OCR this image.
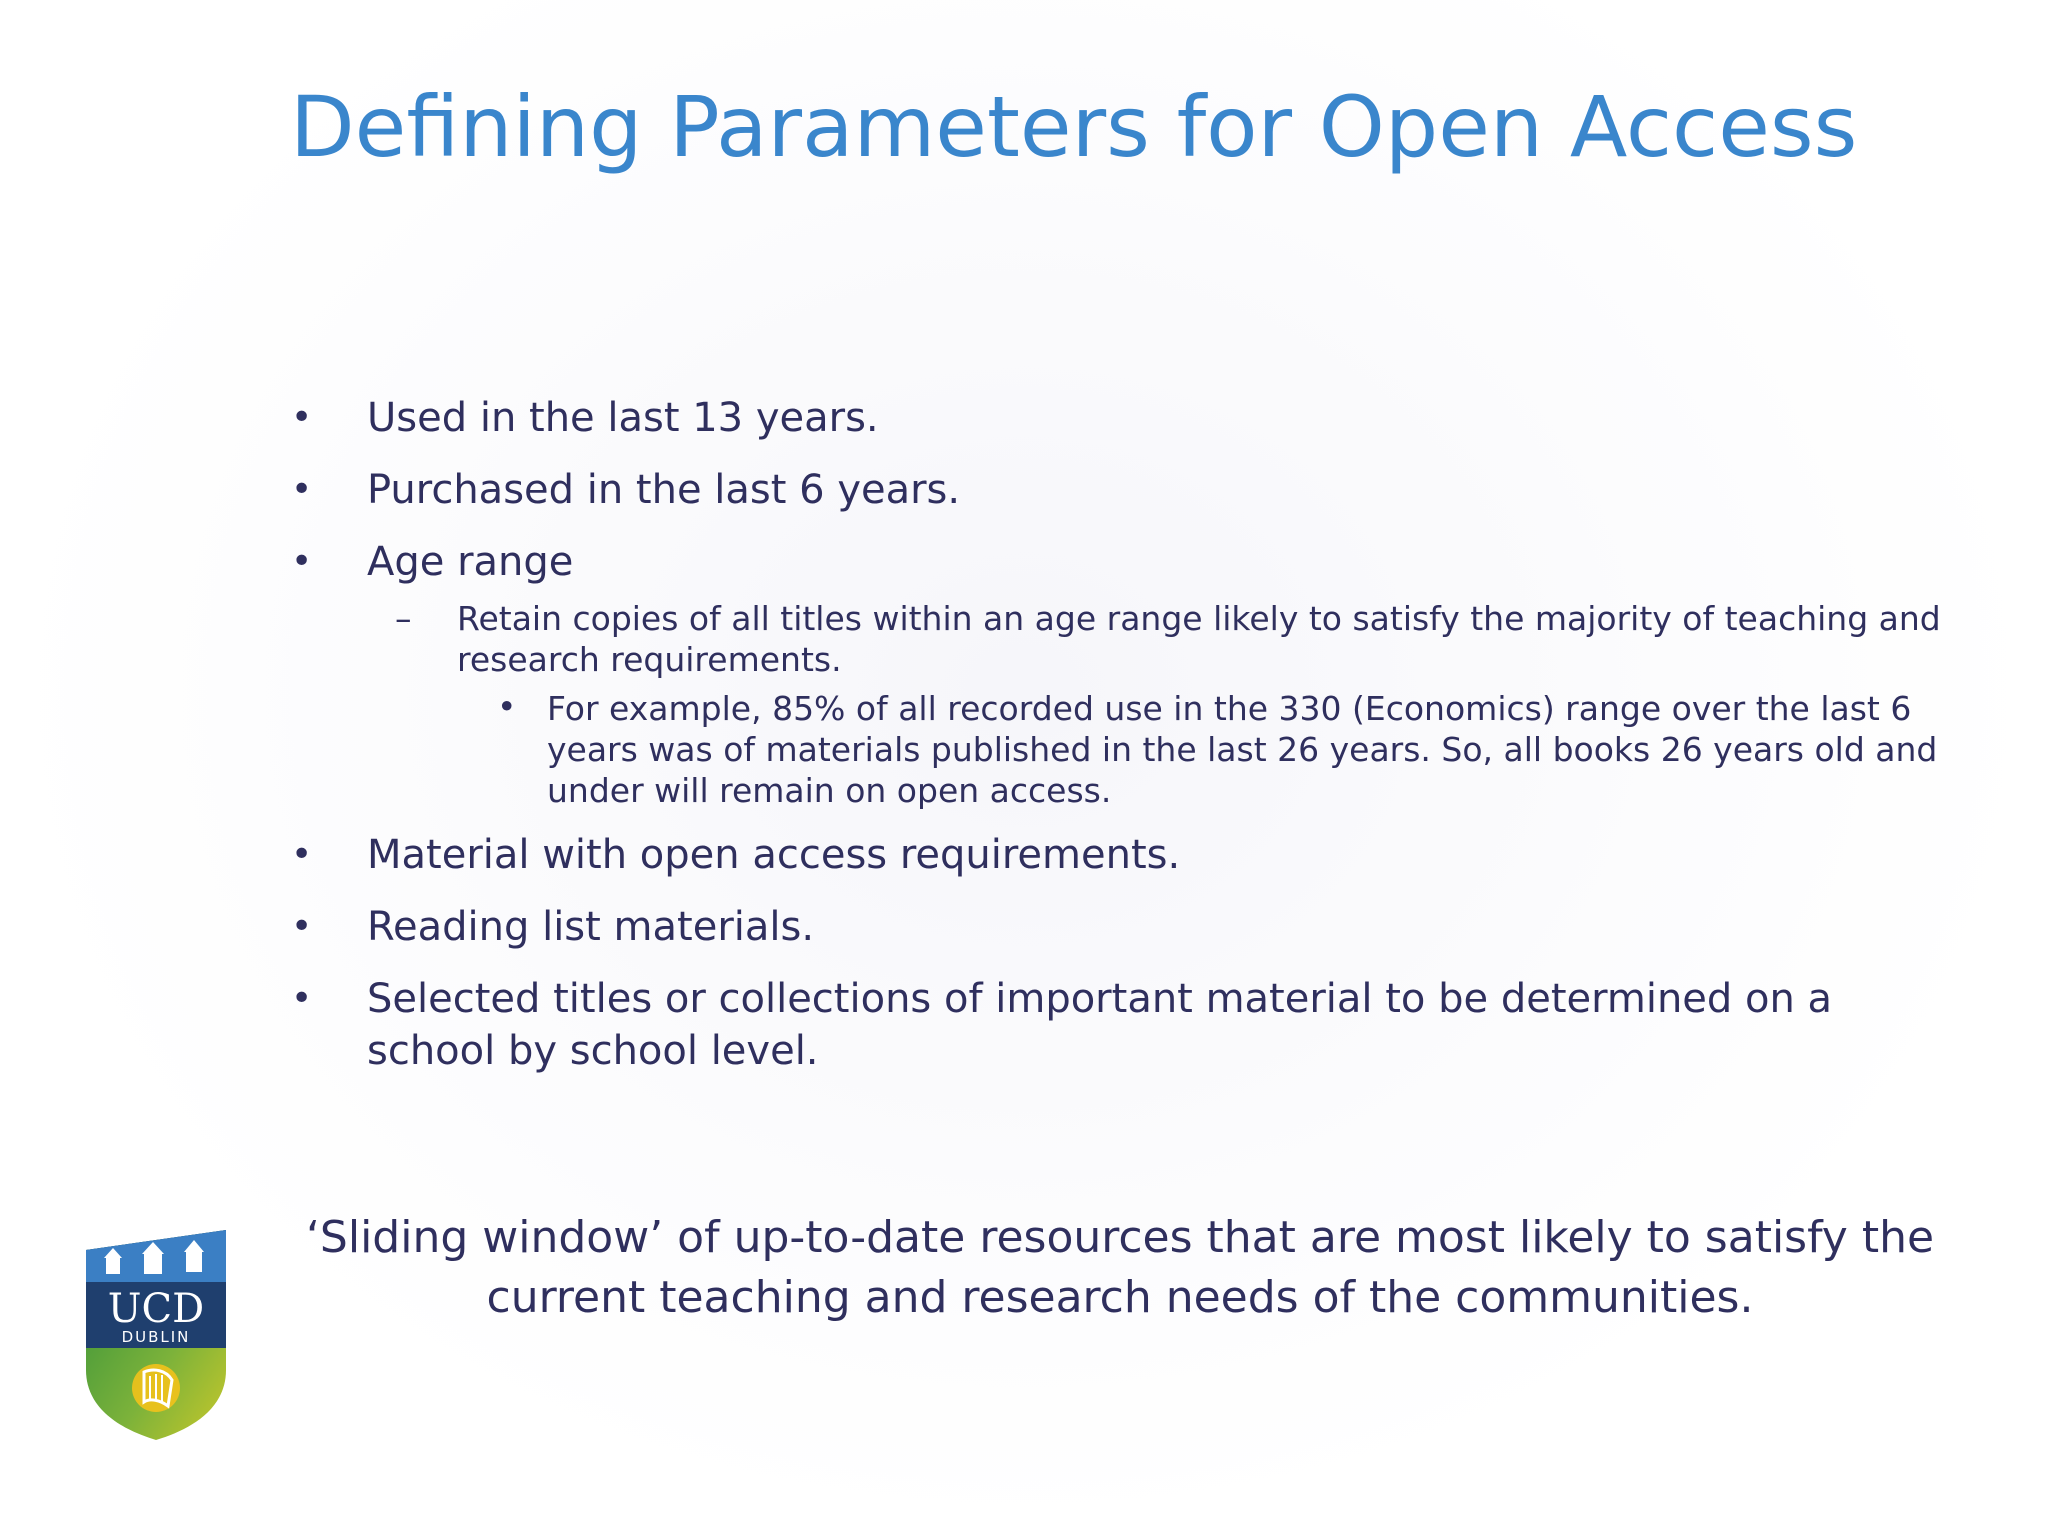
Defining Parameters for Open Access
• Used in the last 13 years.
• Purchased in the last 6 years.
• Age range
– Retain copies of all titles within an age range likely to satisfy the majority of teaching and research requirements.
• For example, 85% of all recorded use in the 330 (Economics) range over the last 6 years was of materials published in the last 26 years. So, all books 26 years old and under will remain on open access.
• Material with open access requirements.
• Reading list materials.
• Selected titles or collections of important material to be determined on a school by school level.
‘Sliding window’ of up-to-date resources that are most likely to satisfy the current teaching and research needs of the communities.
UCD
DUBLIN
